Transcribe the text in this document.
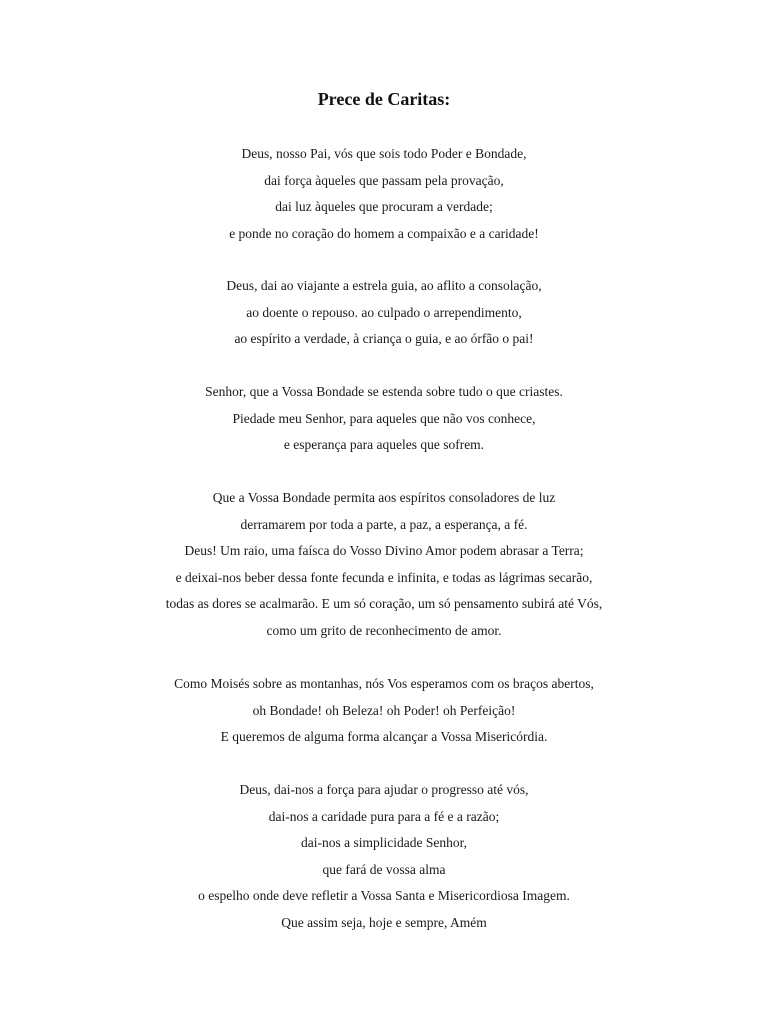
Prece de Caritas:
Deus, nosso Pai, vós que sois todo Poder e Bondade,
dai força àqueles que passam pela provação,
dai luz àqueles que procuram a verdade;
e ponde no coração do homem a compaixão e a caridade!
Deus, dai ao viajante a estrela guia, ao aflito a consolação,
ao doente o repouso. ao culpado o arrependimento,
ao espírito a verdade, à criança o guia, e ao órfão o pai!
Senhor, que a Vossa Bondade se estenda sobre tudo o que criastes.
Piedade meu Senhor, para aqueles que não vos conhece,
e esperança para aqueles que sofrem.
Que a Vossa Bondade permita aos espíritos consoladores de luz
derramarem por toda a parte, a paz, a esperança, a fé.
Deus! Um raio, uma faísca do Vosso Divino Amor podem abrasar a Terra;
e deixai-nos beber dessa fonte fecunda e infinita, e todas as lágrimas secarão,
todas as dores se acalmarão. E um só coração, um só pensamento subirá até Vós,
como um grito de reconhecimento de amor.
Como Moisés sobre as montanhas, nós Vos esperamos com os braços abertos,
oh Bondade! oh Beleza! oh Poder! oh Perfeição!
E queremos de alguma forma alcançar a Vossa Misericórdia.
Deus, dai-nos a força para ajudar o progresso até vós,
dai-nos a caridade pura para a fé e a razão;
dai-nos a simplicidade Senhor,
que fará de vossa alma
o espelho onde deve refletir a Vossa Santa e Misericordiosa Imagem.
Que assim seja, hoje e sempre, Amém
